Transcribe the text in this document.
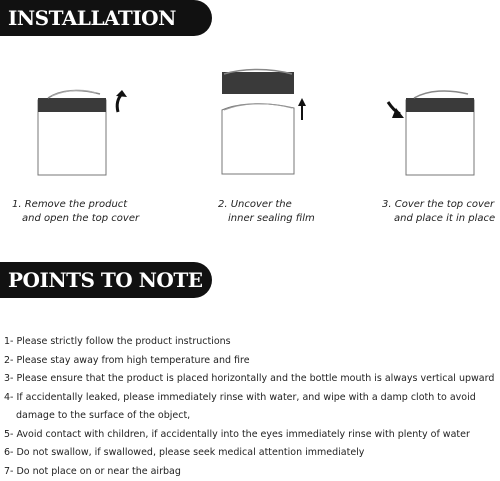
INSTALLATION STEPS
1. Remove the product
and open the top cover
2. Uncover the
inner sealing film
3. Cover the top cover
and place it in place
POINTS TO NOTE
1- Please strictly follow the product instructions
2- Please stay away from high temperature and fire
3- Please ensure that the product is placed horizontally and the bottle mouth is always vertical upward
4- If accidentally leaked, please immediately rinse with water, and wipe with a damp cloth to avoid
damage to the surface of the object,
5- Avoid contact with children, if accidentally into the eyes immediately rinse with plenty of water
6- Do not swallow, if swallowed, please seek medical attention immediately
7- Do not place on or near the airbag
